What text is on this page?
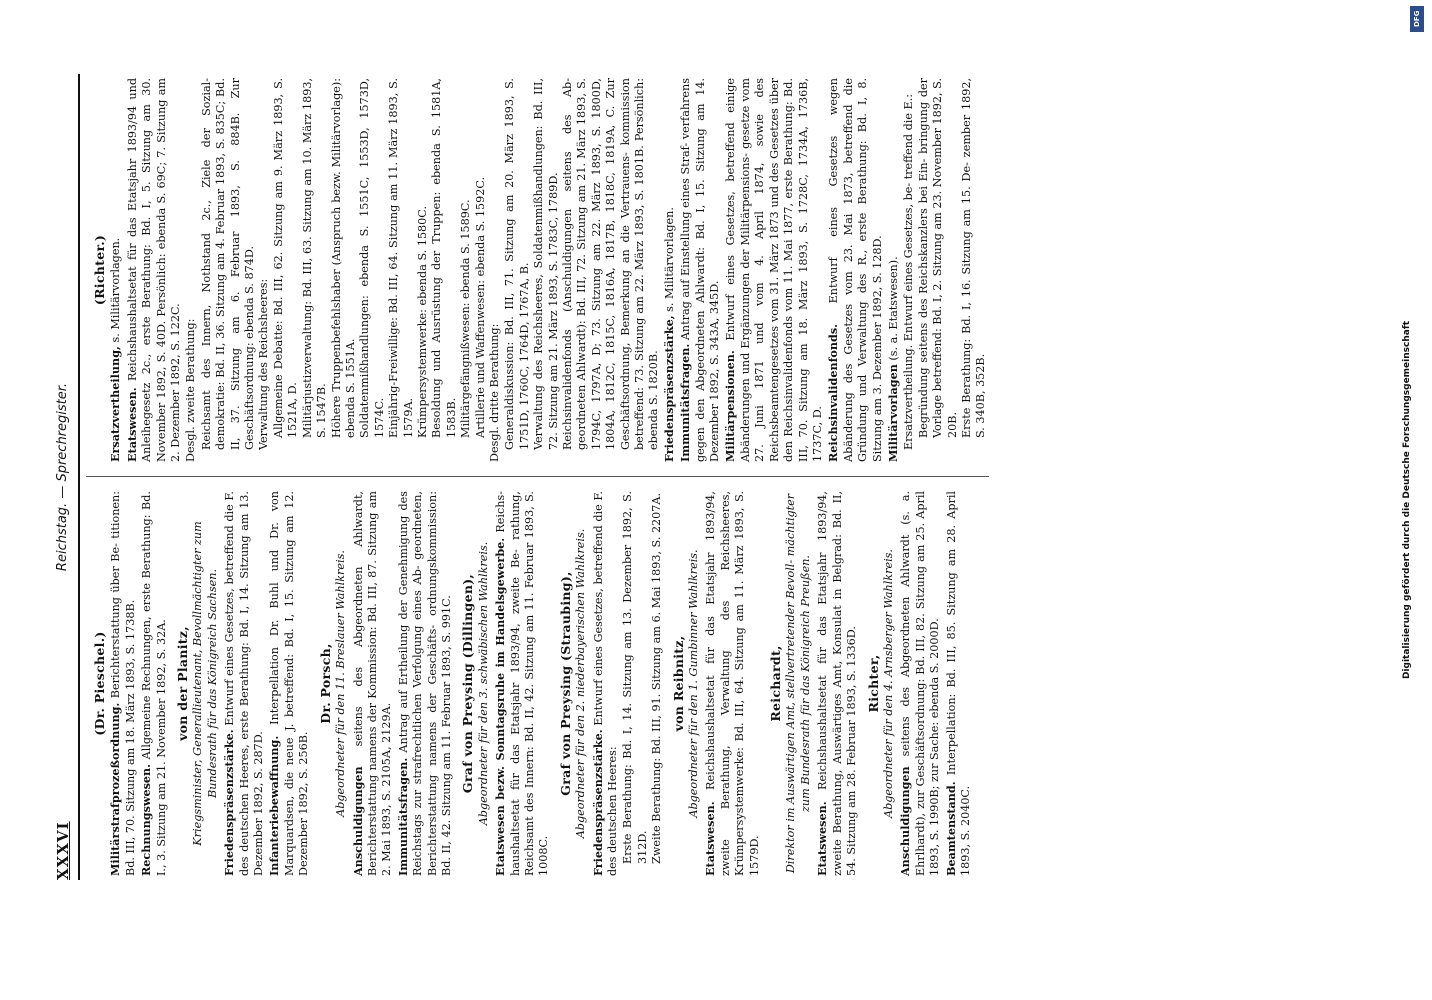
XXXVI
Reichstag. — Sprechregister.
(Dr. Pieschel.)
Militärstrafprozeßordnung. Berichterstattung über Be- titionen: Bd. III, 70. Sitzung am 18. März 1893, S. 1738B. Rechnungswesen. Allgemeine Rechnungen, erste Berathung: Bd. I., 3. Sitzung am 21. November 1892, S. 32A. von der Planitz, Kriegsminister, Generallieutenant, Bevollmächtigter zum Bundesrath für das Königreich Sachsen.
Friedenspräsenzstärke. Entwurf eines Gesetzes, betreffend die F. des deutschen Heeres, erste Berathung: Bd. I, 14. Sitzung am 13. Dezember 1892, S. 287D. Infanteriebewaffnung. Interpellation Dr. Buhl und Dr. von Marquardsen, die neue J. betreffend: Bd. I, 15. Sitzung am 12. Dezember 1892, S. 256B.
Dr. Porsch, Abgeordneter für den 11. Breslauer Wahlkreis.
Anschuldigungen seitens des Abgeordneten Ahlwardt, Berichterstattung namens der Kommission: Bd. III, 87. Sitzung am 2. Mai 1893, S. 2105A, 2129A. Immunitätsfragen. Antrag auf Ertheilung der Genehmigung des Reichstags zur strafrechtlichen Verfolgung eines Ab- geordneten, Berichterstattung namens der Geschäfts- ordnungskommission: Bd. II, 42. Sitzung am 11. Februar 1893, S. 991C. Graf von Preysing (Dillingen), Abgeordneter für den 3. schwäbischen Wahlkreis. Etatswesen bezw. Sonntagsruhe im Handelsgewerbe. Reichs- haushaltsetat für das Etatsjahr 1893/94, zweite Be- rathung, Reichsamt des Innern: Bd. II, 42. Sitzung am 11. Februar 1893, S. 1008C.
Graf von Preysing (Straubing), Abgeordneter für den 2. niederbayerischen Wahlkreis. Friedenspräsenzstärke. Entwurf eines Gesetzes, betreffend die F. des deutschen Heeres: Erste Berathung: Bd. I, 14. Sitzung am 13. Dezember 1892, S. 312D. Zweite Berathung: Bd. III, 91. Sitzung am 6. Mai 1893, S. 2207A. von Reibnitz, Abgeordneter für den 1. Gumbinner Wahlkreis.
Etatswesen. Reichshaushaltsetat für das Etatsjahr 1893/94, zweite Berathung, Verwaltung des Reichsheeres, Krümpersystemwerke: Bd. III, 64. Sitzung am 11. März 1893, S. 1579D.
Reichardt, Direktor im Auswärtigen Amt, stellvertretender Bevoll- mächtigter zum Bundesrath für das Königreich Preußen.
Etatswesen. Reichshaushaltsetat für das Etatsjahr 1893/94, zweite Berathung, Auswärtiges Amt, Konsulat in Belgrad: Bd. II, 54. Sitzung am 28. Februar 1893, S. 1336D. Richter, Abgeordneter für den 4. Arnsberger Wahlkreis.
Anschuldigungen seitens des Abgeordneten Ahlwardt (s. a. Ehrlhardt), zur Geschäftsordnung: Bd. III, 82. Sitzung am 25. April 1893, S. 1990B; zur Sache: ebenda S. 2000D. Beamtenstand. Interpellation: Bd. III, 85. Sitzung am 28. April 1893, S. 2040C.
(Richter.)
Ersatzvertheilung, s. Militärvorlagen.
Etatswesen. Reichshaushaltsetat für das Etatsjahr 1893/94 und Anleihegesetz 2c., erste Berathung: Bd. I, 5. Sitzung am 30. November 1892, S. 40D. Persönlich: ebenda S. 69C; 7. Sitzung am 2. Dezember 1892, S. 122C. Desgl. zweite Berathung: Reichsamt des Innern, Nothstand 2c., Ziele der Sozial- demokratie: Bd. II, 36. Sitzung am 4. Februar 1893, S. 835C; Bd. II, 37. Sitzung am 6. Februar 1893, S. 884B. Zur Geschäftsordnung: ebenda S. 874D. Verwaltung des Reichsheeres: Allgemeine Debatte: Bd. III, 62. Sitzung am 9. März 1893, S. 1521A, D. Militärjustizverwaltung: Bd. III, 63. Sitzung am 10. März 1893, S. 1547B. Höhere Truppenbefehlshaber (Anspruch bezw. Militärvorlage): ebenda S. 1551A. Soldatenmißhandlungen: ebenda S. 1551C, 1553D, 1573D, 1574C. Einjährig-Freiwillige: Bd. III, 64. Sitzung am 11. März 1893, S. 1579A. Krümpersystemwerke: ebenda S. 1580C. Besoldung und Ausrüstung der Truppen: ebenda S. 1581A, 1583B. Militärgefängnißwesen: ebenda S. 1589C. Artillerie und Waffenwesen: ebenda S. 1592C. Desgl. dritte Berathung: Generaldiskussion: Bd. III, 71. Sitzung am 20. März 1893, S. 1751D, 1760C, 1764D, 1767A, B. Verwaltung des Reichsheeres, Soldatenmißhandlungen: Bd. III, 72. Sitzung am 21. März 1893, S. 1783C, 1789D. Reichsinvalidenfonds (Anschuldigungen seitens des Ab- geordneten Ahlwardt): Bd. III, 72. Sitzung am 21. März 1893, S. 1794C, 1797A, D; 73. Sitzung am 22. März 1893, S. 1800D, 1804A, 1812C, 1815C, 1816A, 1817B, 1818C, 1819A, C. Zur Geschäftsordnung, Bemerkung an die Vertrauens- kommission betreffend: 73. Sitzung am 22. März 1893, S. 1801B. Persönlich: ebenda S. 1820B. Friedenspräsenzstärke, s. Militärvorlagen.
Immunitätsfragen. Antrag auf Einstellung eines Straf- verfahrens gegen den Abgeordneten Ahlwardt: Bd. I, 15. Sitzung am 14. Dezember 1892, S. 343A, 345D. Militärpensionen. Entwurf eines Gesetzes, betreffend einige Abänderungen und Ergänzungen der Militärpensions- gesetze vom 27. Juni 1871 und vom 4. April 1874, sowie des Reichsbeamtengesetzes vom 31. März 1873 und des Gesetzes über den Reichsinvalidenfonds vom 11. Mai 1877, erste Berathung: Bd. III, 70. Sitzung am 18. März 1893, S. 1728C, 1734A, 1736B, 1737C, D. Reichsinvalidenfonds. Entwurf eines Gesetzes wegen Abänderung des Gesetzes vom 23. Mai 1873, betreffend die Gründung und Verwaltung des R., erste Berathung: Bd. I, 8. Sitzung am 3. Dezember 1892, S. 128D. Militärvorlagen (s. a. Etatswesen). Ersatzvertheilung. Entwurf eines Gesetzes, be- treffend die E.: Begründung seitens des Reichskanzlers bei Ein- bringung der Vorlage betreffend: Bd. I, 2. Sitzung am 23. November 1892, S. 20B. Erste Berathung: Bd. I, 16. Sitzung am 15. De- zember 1892, S. 340B, 352B.	Digitalisierung gefördert durch die Deutsche Forschungsgemeinschaft
DFG
